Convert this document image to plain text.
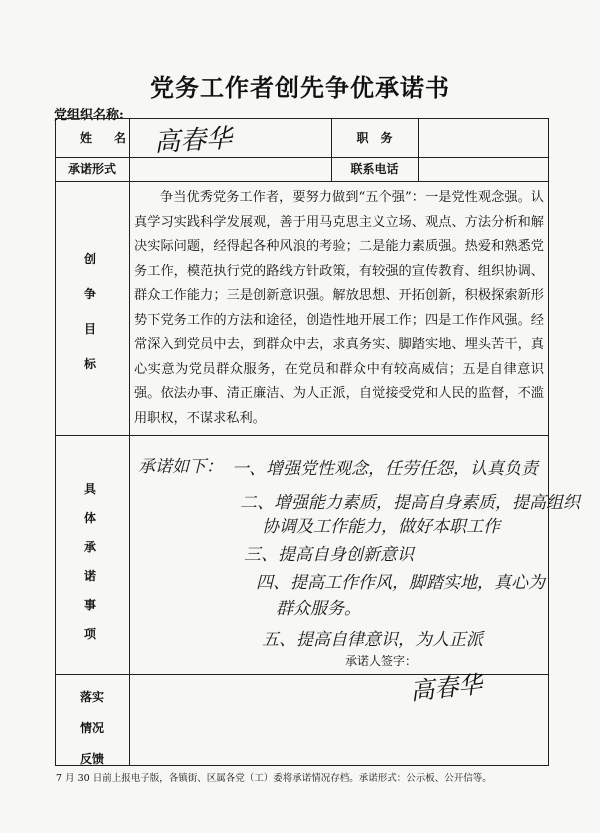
党务工作者创先争优承诺书
党组织名称:
姓名 高春华	职　务
承诺形式	联系电话
创
争
目
标

争当优秀党务工作者，要努力做到“五个强”：一是党性观念强。认真学习实践科学发展观，善于用马克思主义立场、观点、方法分析和解决实际问题，经得起各种风浪的考验；二是能力素质强。热爱和熟悉党务工作，模范执行党的路线方针政策，有较强的宣传教育、组织协调、群众工作能力；三是创新意识强。解放思想、开拓创新，积极探索新形势下党务工作的方法和途径，创造性地开展工作；四是工作作风强。经常深入到党员中去，到群众中去，求真务实、脚踏实地、埋头苦干，真心实意为党员群众服务，在党员和群众中有较高威信；五是自律意识强。依法办事、清正廉洁、为人正派，自觉接受党和人民的监督，不滥用职权，不谋求私利。

具
体
承
诺
事
项
承诺如下： 一、增强党性观念，任劳任怨，认真负责
二、增强能力素质，提高自身素质，提高组织
协调及工作能力，做好本职工作
三、提高自身创新意识
四、提高工作作风，脚踏实地，真心为
群众服务。
五、提高自律意识，为人正派
承诺人签字：
高春华
落实
情况
反馈
7 月 30 日前上报电子版，各镇街、区属各党（工）委将承诺情况存档。承诺形式：公示板、公开信等。
